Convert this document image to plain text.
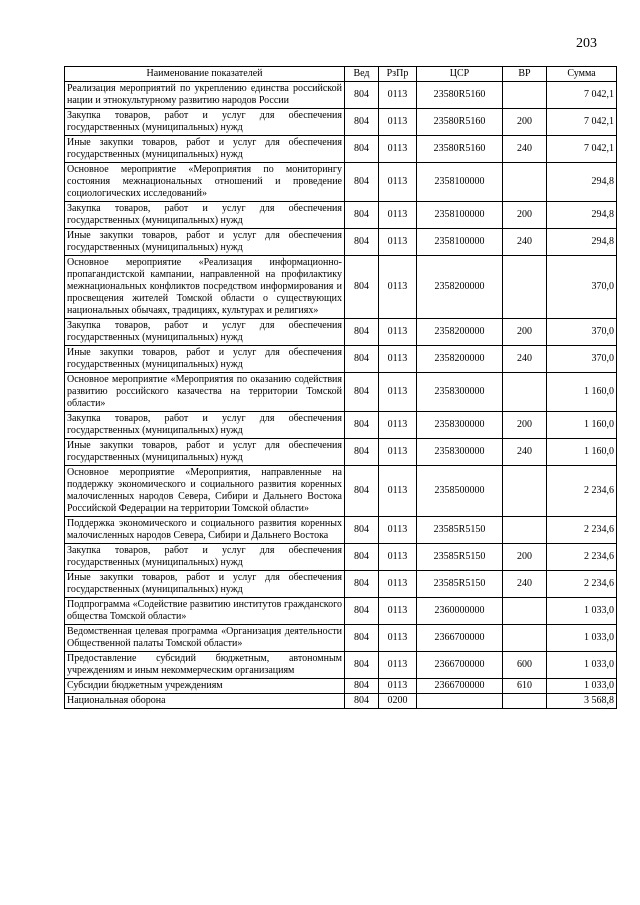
203
Наименование показателей	Вед	РзПр	ЦСР	ВР	Сумма
Реализация мероприятий по укреплению единства российской нации и этнокультурному развитию народов России	804	0113	23580R5160		7 042,1
Закупка товаров, работ и услуг для обеспечения государственных (муниципальных) нужд	804	0113	23580R5160	200	7 042,1
Иные закупки товаров, работ и услуг для обеспечения государственных (муниципальных) нужд	804	0113	23580R5160	240	7 042,1
Основное мероприятие «Мероприятия по мониторингу состояния межнациональных отношений и проведение социологических исследований»	804	0113	2358100000		294,8
Закупка товаров, работ и услуг для обеспечения государственных (муниципальных) нужд	804	0113	2358100000	200	294,8
Иные закупки товаров, работ и услуг для обеспечения государственных (муниципальных) нужд	804	0113	2358100000	240	294,8
Основное мероприятие «Реализация информационно-пропагандистской кампании, направленной на профилактику межнациональных конфликтов посредством информирования и просвещения жителей Томской области о существующих национальных обычаях, традициях, культурах и религиях»	804	0113	2358200000		370,0
Закупка товаров, работ и услуг для обеспечения государственных (муниципальных) нужд	804	0113	2358200000	200	370,0
Иные закупки товаров, работ и услуг для обеспечения государственных (муниципальных) нужд	804	0113	2358200000	240	370,0
Основное мероприятие «Мероприятия по оказанию содействия развитию российского казачества на территории Томской области»	804	0113	2358300000		1 160,0
Закупка товаров, работ и услуг для обеспечения государственных (муниципальных) нужд	804	0113	2358300000	200	1 160,0
Иные закупки товаров, работ и услуг для обеспечения государственных (муниципальных) нужд	804	0113	2358300000	240	1 160,0
Основное мероприятие «Мероприятия, направленные на поддержку экономического и социального развития коренных малочисленных народов Севера, Сибири и Дальнего Востока Российской Федерации на территории Томской области»	804	0113	2358500000		2 234,6
Поддержка экономического и социального развития коренных малочисленных народов Севера, Сибири и Дальнего Востока	804	0113	23585R5150		2 234,6
Закупка товаров, работ и услуг для обеспечения государственных (муниципальных) нужд	804	0113	23585R5150	200	2 234,6
Иные закупки товаров, работ и услуг для обеспечения государственных (муниципальных) нужд	804	0113	23585R5150	240	2 234,6
Подпрограмма «Содействие развитию институтов гражданского общества Томской области»	804	0113	2360000000		1 033,0
Ведомственная целевая программа «Организация деятельности Общественной палаты Томской области»	804	0113	2366700000		1 033,0
Предоставление субсидий бюджетным, автономным учреждениям и иным некоммерческим организациям	804	0113	2366700000	600	1 033,0
Субсидии бюджетным учреждениям	804	0113	2366700000	610	1 033,0
Национальная оборона	804	0200			3 568,8
